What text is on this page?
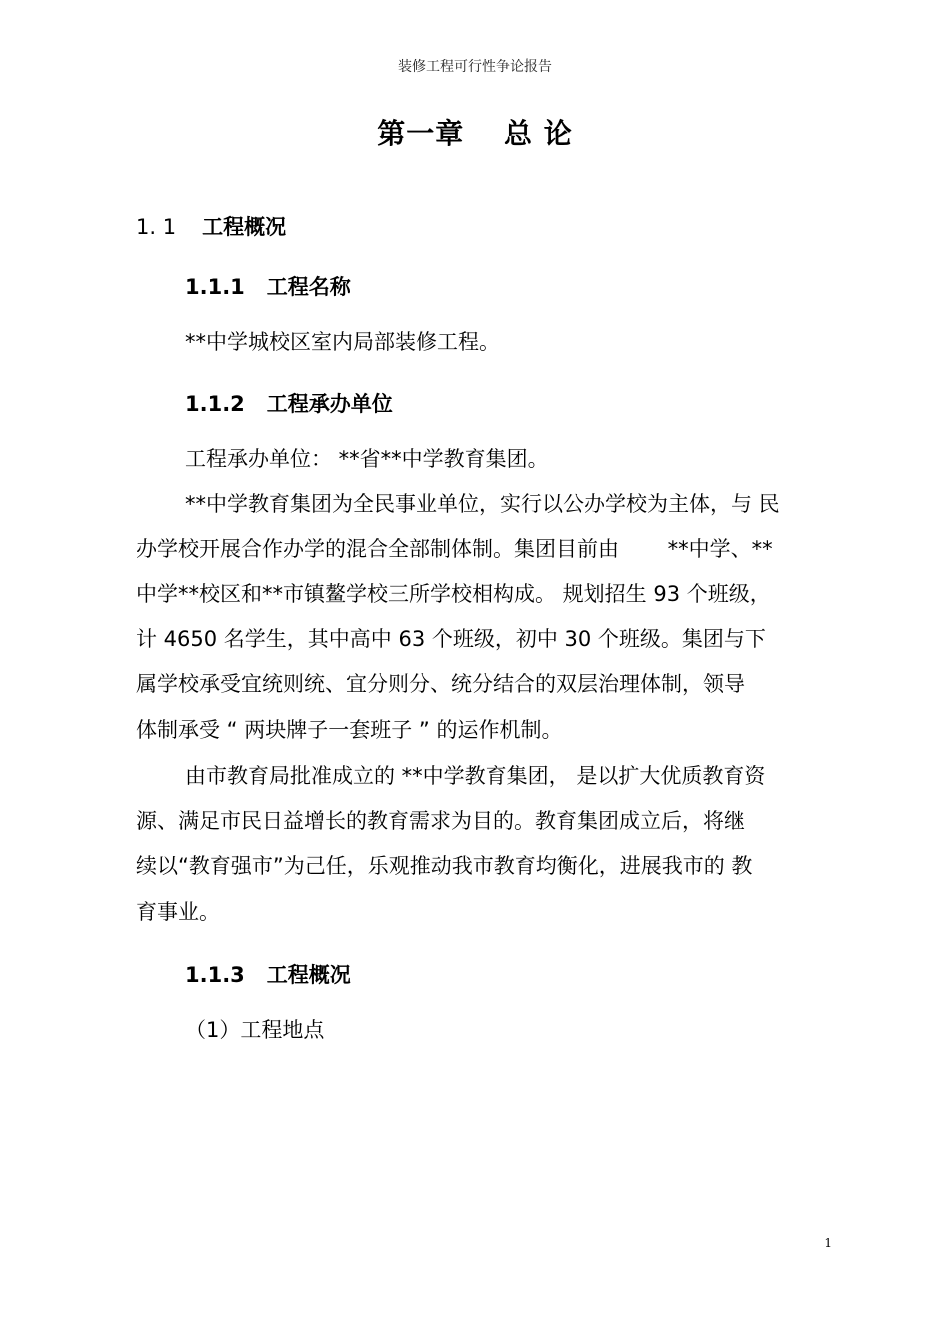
装修工程可行性争论报告
第一章　 总 论
1. 1 工程概况
1.1.1 工程名称
**中学城校区室内局部装修工程。
1.1.2 工程承办单位
工程承办单位： **省**中学教育集团。
**中学教育集团为全民事业单位，实行以公办学校为主体，与 民
办学校开展合作办学的混合全部制体制。集团目前由　　 **中学、**
中学**校区和**市镇鳌学校三所学校相构成。 规划招生 93 个班级，
计 4650 名学生，其中高中 63 个班级，初中 30 个班级。集团与下
属学校承受宜统则统、宜分则分、统分结合的双层治理体制，领导
体制承受 “ 两块牌子一套班子 ” 的运作机制。
由市教育局批准成立的 **中学教育集团， 是以扩大优质教育资
源、满足市民日益增长的教育需求为目的。教育集团成立后，将继
续以“教育强市”为己任，乐观推动我市教育均衡化，进展我市的 教
育事业。
1.1.3 工程概况
（1）工程地点
1
